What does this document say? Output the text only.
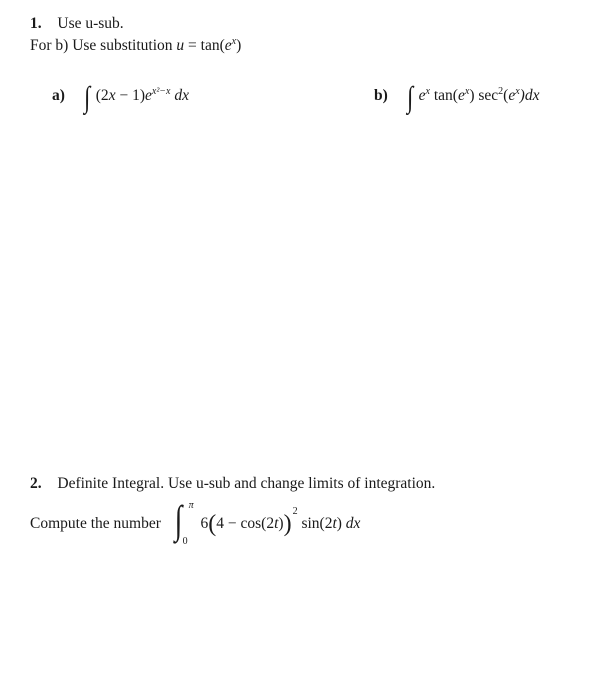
1. Use u-sub.
For b) Use substitution $u = \tan(e^x)$
a) ∫ $(2x - 1)e^{x^2-x}$ dx	b) ∫ $e^x$ $\tan(e^x)$ $\sec^2(e^x)dx$
2. Definite Integral. Use u-sub and change limits of integration.
Compute the number ∫ π
0
$6(4 - \cos(2t))^2$ sin(2t) dx
